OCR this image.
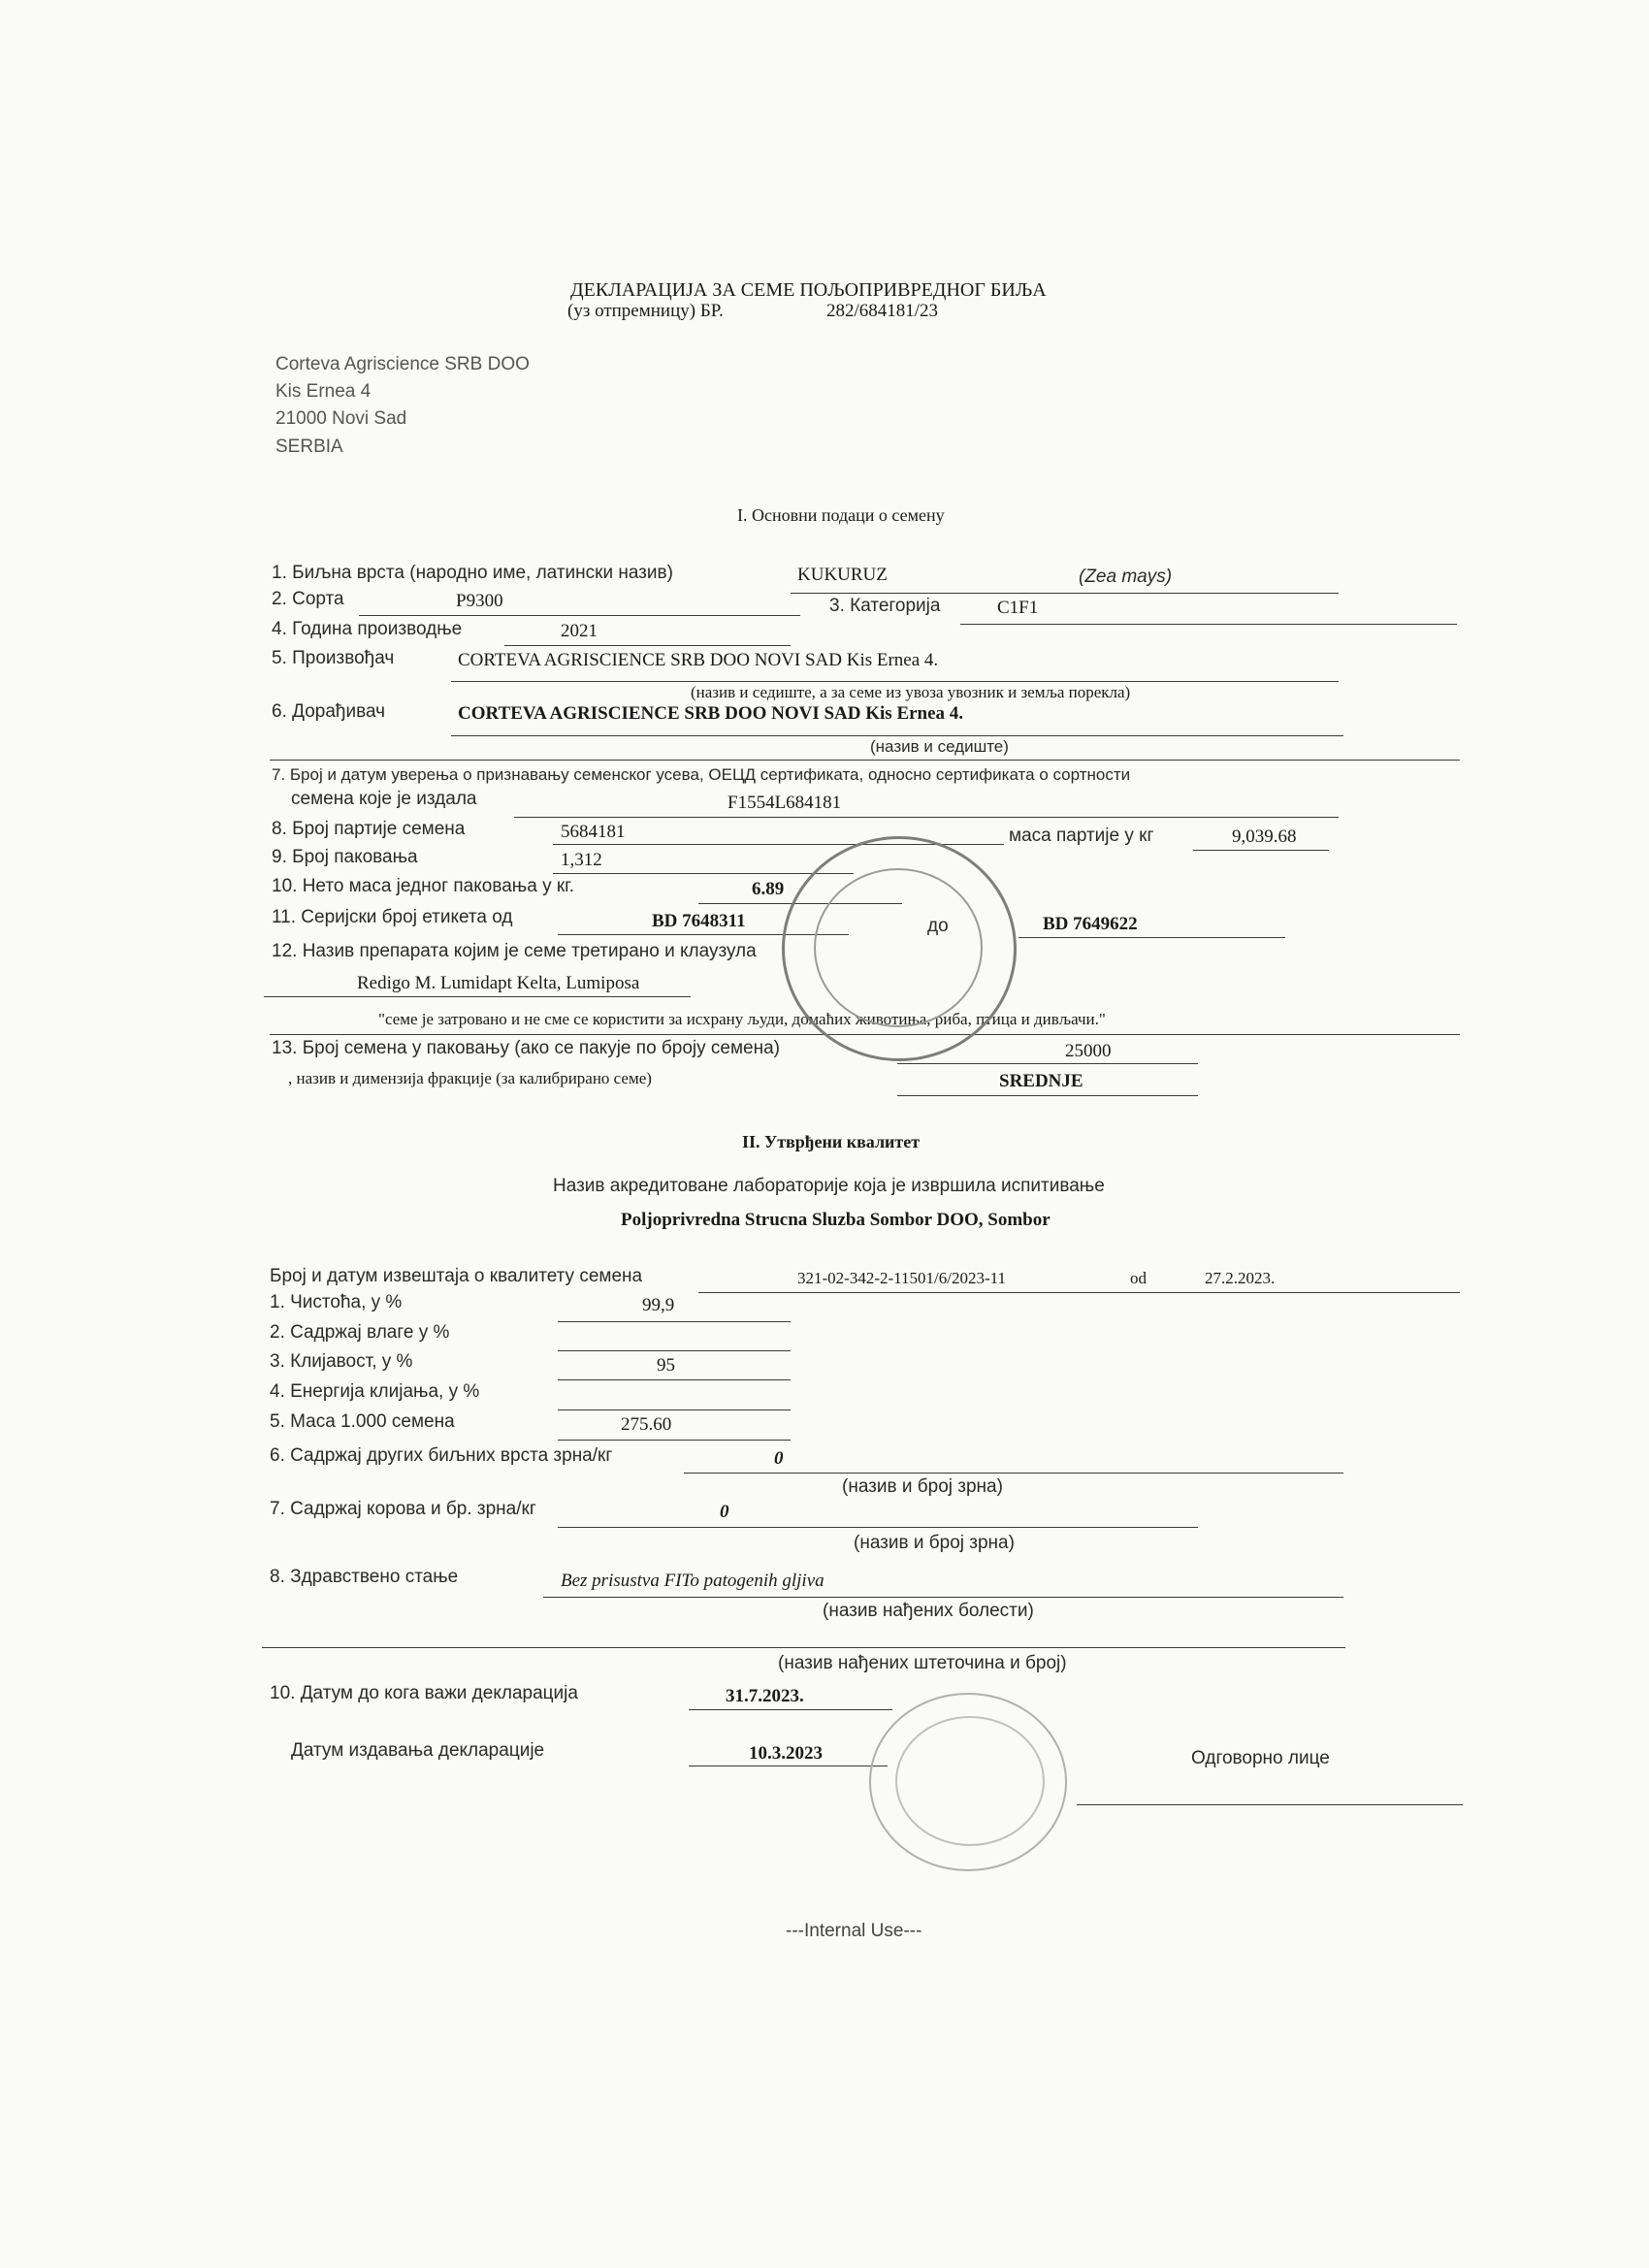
ДЕКЛАРАЦИЈА ЗА СЕМЕ ПОЉОПРИВРЕДНОГ БИЉА
(уз отпремницу) БР.	282/684181/23
Corteva Agriscience SRB DOO
Kis Ernea 4
21000 Novi Sad
SERBIA
I. Основни подаци о семену
1. Биљна врста (народно име, латински назив)	KUKURUZ	(Zea mays)
2. Сорта	P9300	3. Категорија	C1F1
4. Година производње	2021
5. Произвођач	CORTEVA AGRISCIENCE SRB DOO NOVI SAD Kis Ernea 4.
(назив и седиште, а за семе из увоза увозник и земља порекла)
6. Дорађивач	CORTEVA AGRISCIENCE SRB DOO NOVI SAD Kis Ernea 4.
(назив и седиште)
7. Број и датум уверења о признавању семенског усева, ОЕЦД сертификата, односно сертификата о сортности
семена које је издала	F1554L684181
8. Број партије семена	5684181	маса партије у кг	9,039.68
9. Број паковања	1,312
10. Нето маса једног паковања у кг.	6.89
11. Серијски број етикета од	BD 7648311	до	BD 7649622
12. Назив препарата којим је семе третирано и клаузула
Redigo M. Lumidapt Kelta, Lumiposa
"семе је затровано и не сме се користити за исхрану људи, домаћих животиња, риба, птица и дивљачи."
13. Број семена у паковању (ако се пакује по броју семена)	25000
, назив и димензија фракције (за калибрирано семе)	SREDNJE
II. Утврђени квалитет
Назив акредитоване лабораторије која је извршила испитивање
Poljoprivredna Strucna Sluzba Sombor DOO, Sombor
Број и датум извештаја о квалитету семена	321-02-342-2-11501/6/2023-11	od	27.2.2023.
1. Чистоћа, у %	99,9
2. Садржај влаге у %
3. Клијавост, у %	95
4. Енергија клијања, у %
5. Маса 1.000 семена	275.60
6. Садржај других биљних врста зрна/кг	0
(назив и број зрна)
7. Садржај корова и бр. зрна/кг	0
(назив и број зрна)
8. Здравствено стање	Bez prisustva FITo patogenih gljiva
(назив нађених болести)
(назив нађених штеточина и број)
10. Датум до кога важи декларација	31.7.2023.
Датум издавања декларације	10.3.2023	Одговорно лице
---Internal Use---
